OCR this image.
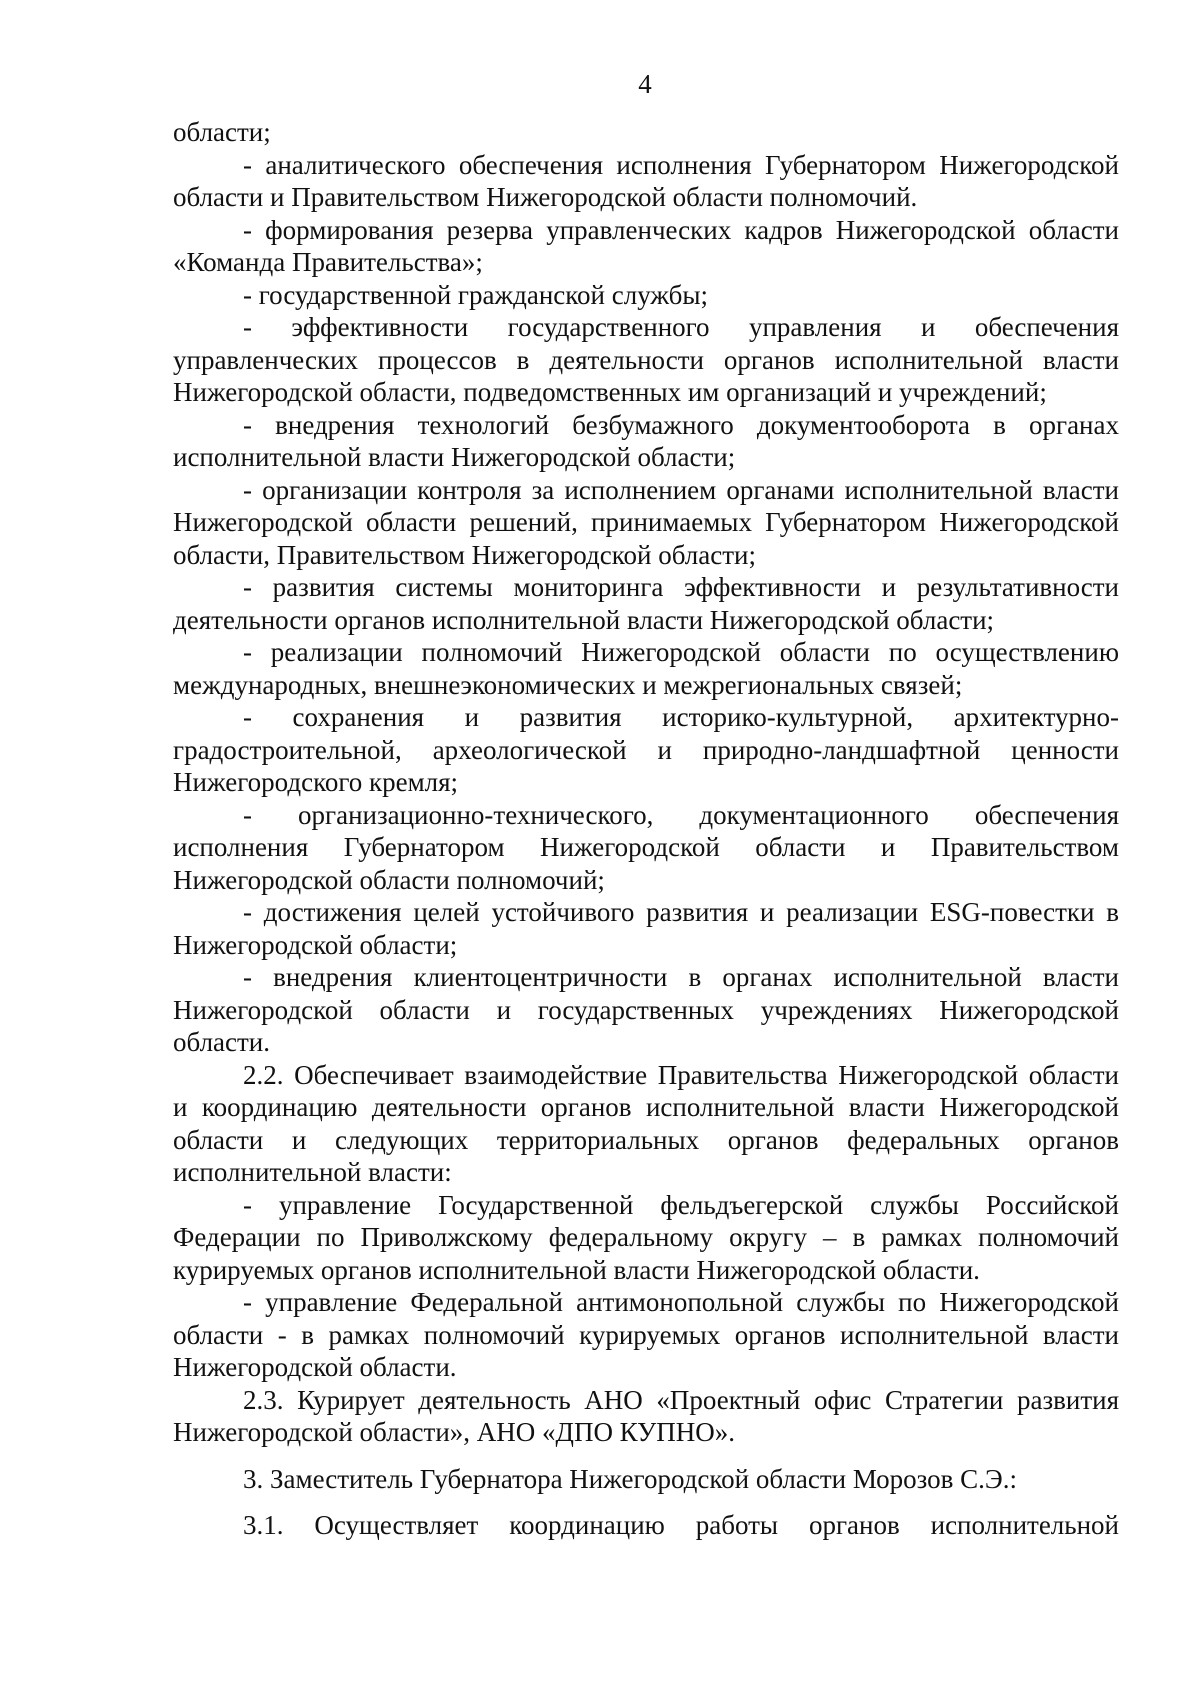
4

области;

- аналитического обеспечения исполнения Губернатором Нижегородской области и Правительством Нижегородской области полномочий.

- формирования резерва управленческих кадров Нижегородской области «Команда Правительства»;

- государственной гражданской службы;

- эффективности государственного управления и обеспечения управленческих процессов в деятельности органов исполнительной власти Нижегородской области, подведомственных им организаций и учреждений;

- внедрения технологий безбумажного документооборота в органах исполнительной власти Нижегородской области;

- организации контроля за исполнением органами исполнительной власти Нижегородской области решений, принимаемых Губернатором Нижегородской области, Правительством Нижегородской области;

- развития системы мониторинга эффективности и результативности деятельности органов исполнительной власти Нижегородской области;

- реализации полномочий Нижегородской области по осуществлению международных, внешнеэкономических и межрегиональных связей;

- сохранения и развития историко-культурной, архитектурно-градостроительной, археологической и природно-ландшафтной ценности Нижегородского кремля;

- организационно-технического, документационного обеспечения исполнения Губернатором Нижегородской области и Правительством Нижегородской области полномочий;

- достижения целей устойчивого развития и реализации ESG-повестки в Нижегородской области;

- внедрения клиентоцентричности в органах исполнительной власти Нижегородской области и государственных учреждениях Нижегородской области.

2.2. Обеспечивает взаимодействие Правительства Нижегородской области и координацию деятельности органов исполнительной власти Нижегородской области и следующих территориальных органов федеральных органов исполнительной власти:

- управление Государственной фельдъегерской службы Российской Федерации по Приволжскому федеральному округу – в рамках полномочий курируемых органов исполнительной власти Нижегородской области.

- управление Федеральной антимонопольной службы по Нижегородской области - в рамках полномочий курируемых органов исполнительной власти Нижегородской области.

2.3. Курирует деятельность АНО «Проектный офис Стратегии развития Нижегородской области», АНО «ДПО КУПНО».

3. Заместитель Губернатора Нижегородской области Морозов С.Э.:

3.1. Осуществляет координацию работы органов исполнительной
